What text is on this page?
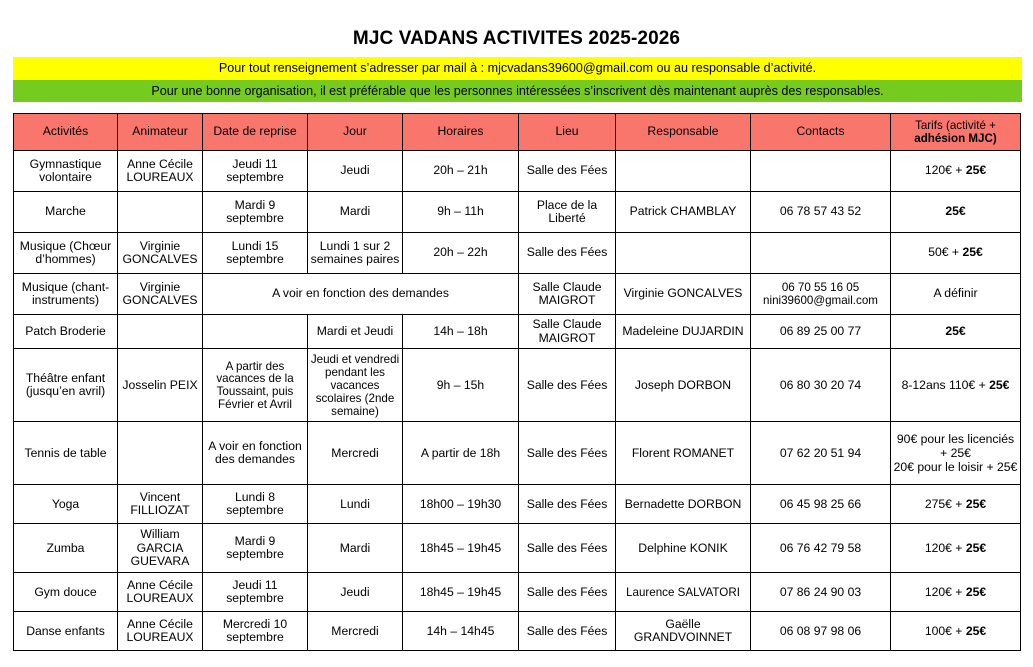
MJC VADANS ACTIVITES 2025-2026
Pour tout renseignement s’adresser par mail à : mjcvadans39600@gmail.com ou au responsable d’activité.
Pour une bonne organisation, il est préférable que les personnes intéressées s’inscrivent dès maintenant auprès des responsables.
Activités	Animateur	Date de reprise	Jour	Horaires	Lieu	Responsable	Contacts	Tarifs (activité +
adhésion MJC)
Gymnastique volontaire	Anne Cécile LOUREAUX	Jeudi 11 septembre	Jeudi	20h – 21h	Salle des Fées			120€ + 25€
Marche		Mardi 9 septembre	Mardi	9h – 11h	Place de la Liberté	Patrick CHAMBLAY	06 78 57 43 52	25€
Musique (Chœur d’hommes)	Virginie GONCALVES	Lundi 15 septembre	Lundi 1 sur 2 semaines paires	20h – 22h	Salle des Fées			50€ + 25€
Musique (chant-instruments)	Virginie GONCALVES	A voir en fonction des demandes			Salle Claude MAIGROT	Virginie GONCALVES	06 70 55 16 05
nini39600@gmail.com	A définir
Patch Broderie			Mardi et Jeudi	14h – 18h	Salle Claude MAIGROT	Madeleine DUJARDIN	06 89 25 00 77	25€
Théâtre enfant (jusqu’en avril)	Josselin PEIX	A partir des vacances de la Toussaint, puis Février et Avril	Jeudi et vendredi pendant les vacances scolaires (2nde semaine)	9h – 15h	Salle des Fées	Joseph DORBON	06 80 30 20 74	8-12ans 110€ + 25€
Tennis de table		A voir en fonction des demandes	Mercredi	A partir de 18h	Salle des Fées	Florent ROMANET	07 62 20 51 94	90€ pour les licenciés + 25€
20€ pour le loisir + 25€
Yoga	Vincent FILLIOZAT	Lundi 8 septembre	Lundi	18h00 – 19h30	Salle des Fées	Bernadette DORBON	06 45 98 25 66	275€ + 25€
Zumba	William GARCIA GUEVARA	Mardi 9 septembre	Mardi	18h45 – 19h45	Salle des Fées	Delphine KONIK	06 76 42 79 58	120€ + 25€
Gym douce	Anne Cécile LOUREAUX	Jeudi 11 septembre	Jeudi	18h45 – 19h45	Salle des Fées	Laurence SALVATORI	07 86 24 90 03	120€ + 25€
Danse enfants	Anne Cécile LOUREAUX	Mercredi 10 septembre	Mercredi	14h – 14h45	Salle des Fées	Gaëlle GRANDVOINNET	06 08 97 98 06	100€ + 25€
